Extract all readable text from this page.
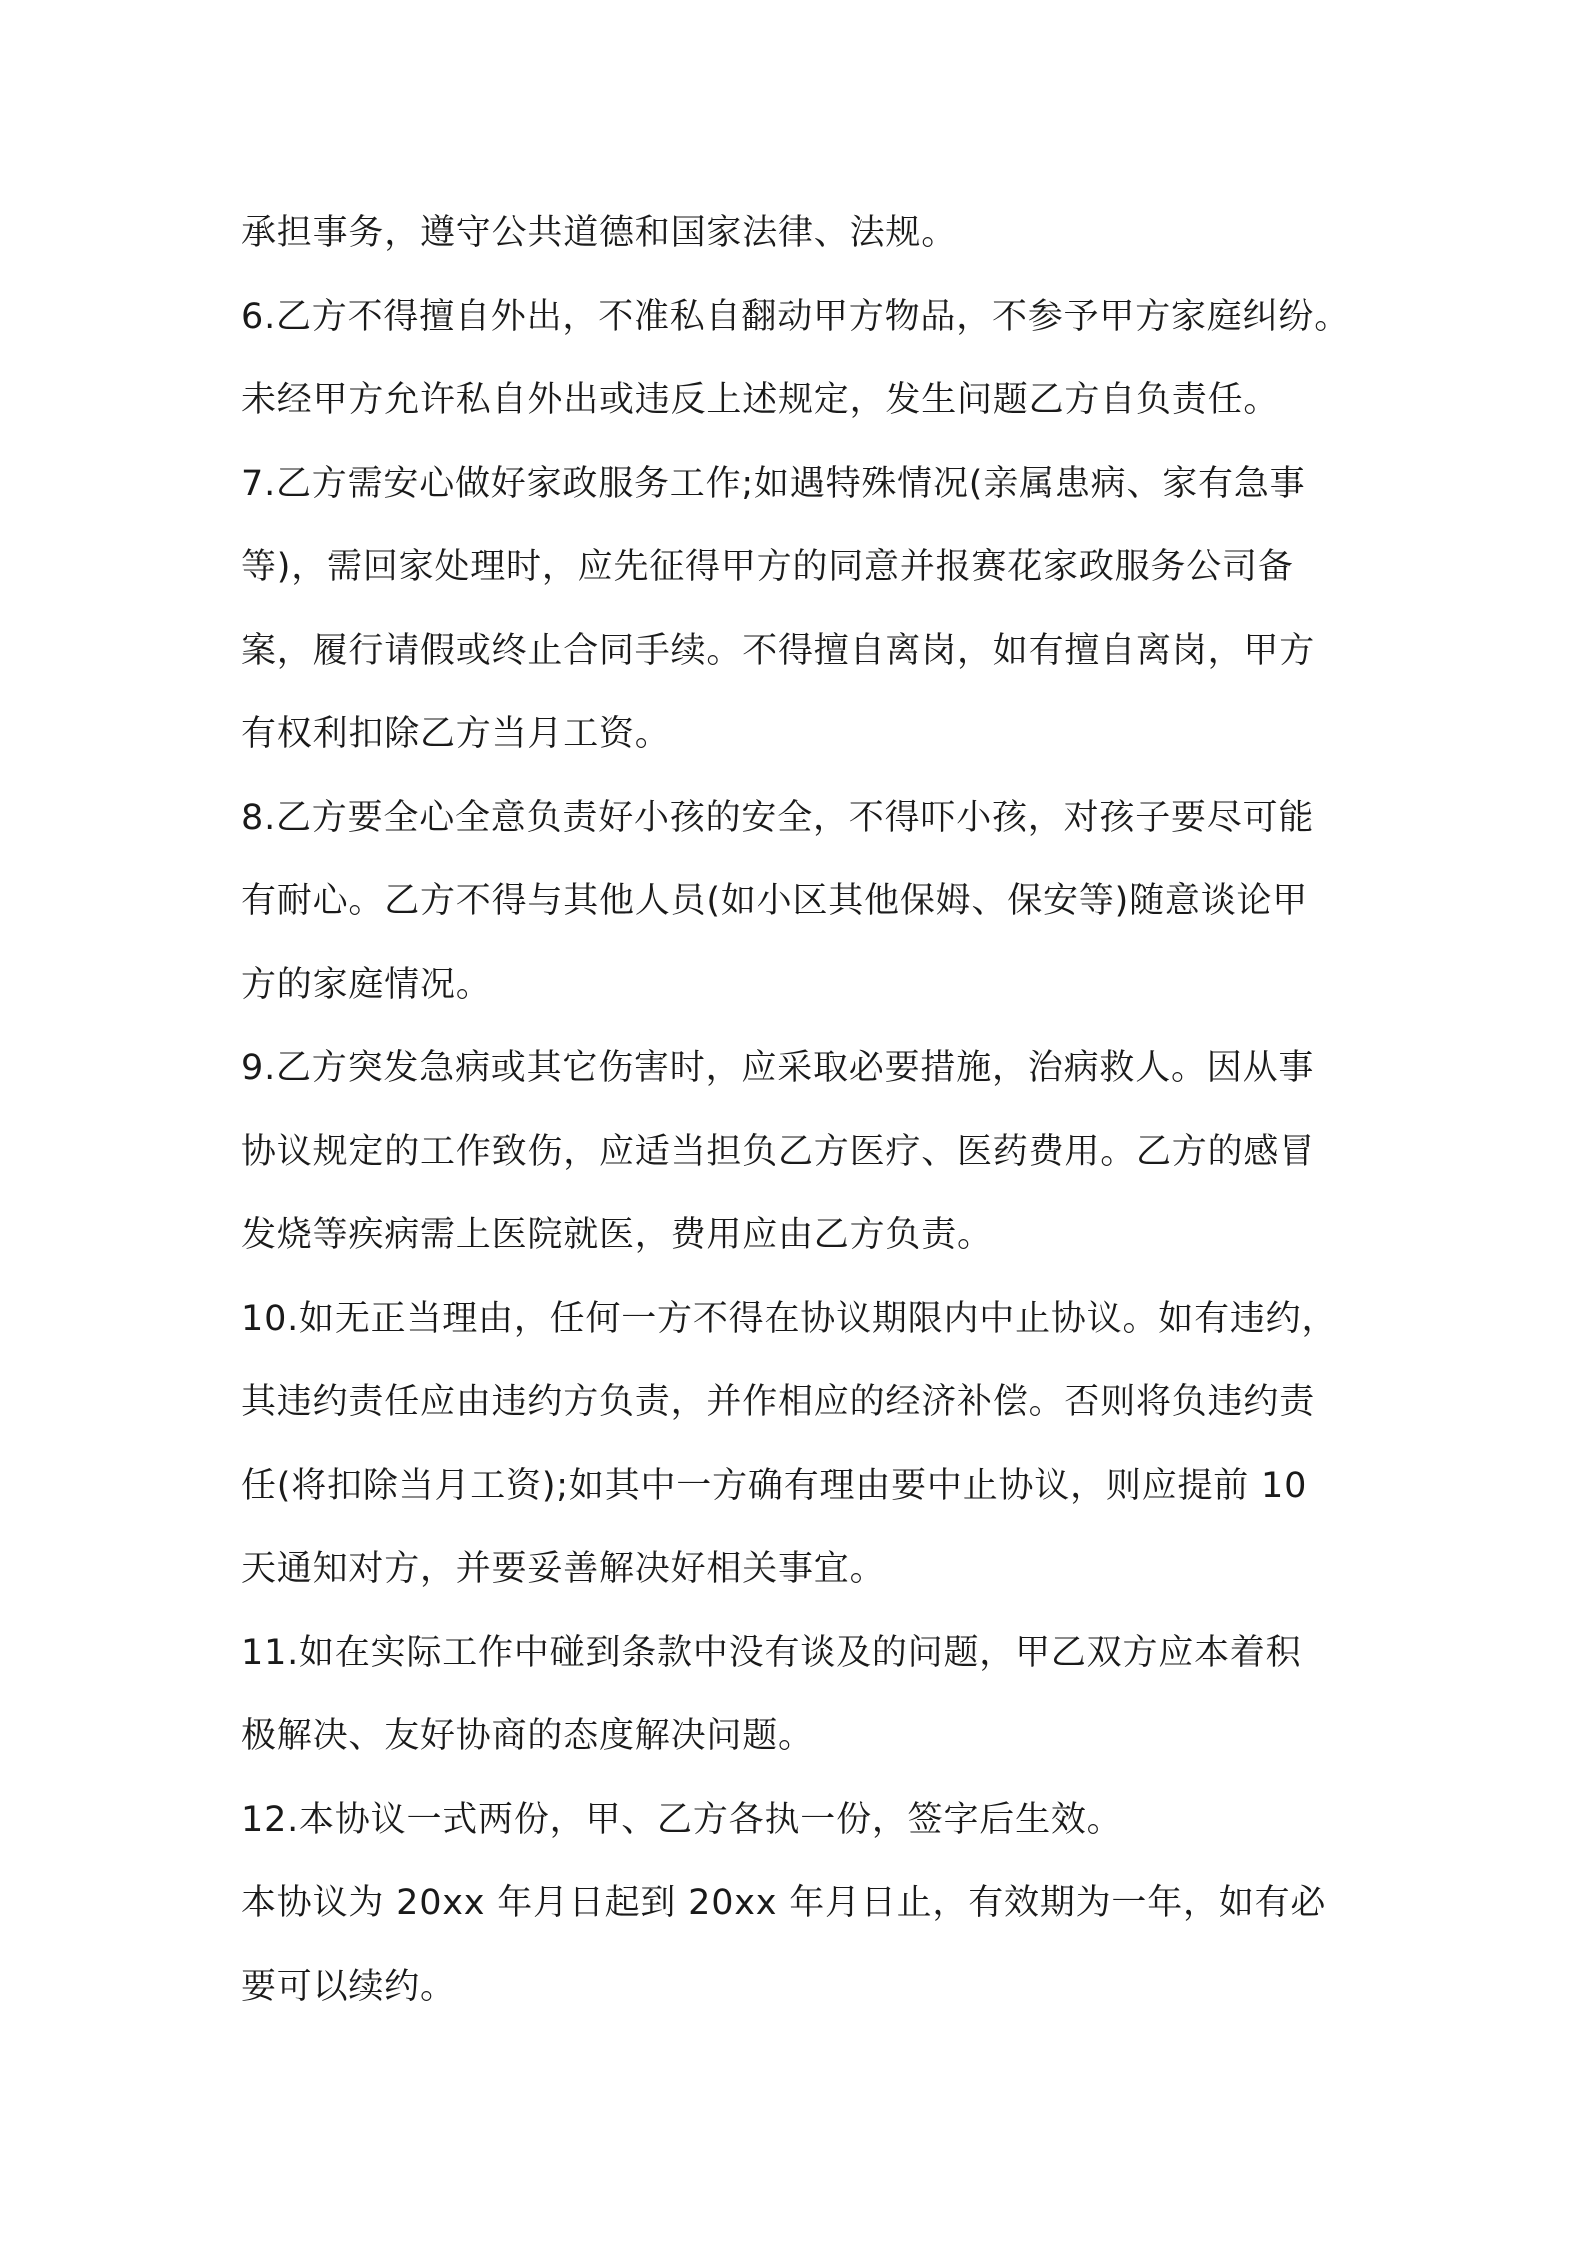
承担事务，遵守公共道德和国家法律、法规。
6.乙方不得擅自外出，不准私自翻动甲方物品，不参予甲方家庭纠纷。
未经甲方允许私自外出或违反上述规定，发生问题乙方自负责任。
7.乙方需安心做好家政服务工作;如遇特殊情况(亲属患病、家有急事
等)，需回家处理时，应先征得甲方的同意并报赛花家政服务公司备
案，履行请假或终止合同手续。不得擅自离岗，如有擅自离岗，甲方
有权利扣除乙方当月工资。
8.乙方要全心全意负责好小孩的安全，不得吓小孩，对孩子要尽可能
有耐心。乙方不得与其他人员(如小区其他保姆、保安等)随意谈论甲
方的家庭情况。
9.乙方突发急病或其它伤害时，应采取必要措施，治病救人。因从事
协议规定的工作致伤，应适当担负乙方医疗、医药费用。乙方的感冒
发烧等疾病需上医院就医，费用应由乙方负责。
10.如无正当理由，任何一方不得在协议期限内中止协议。如有违约，
其违约责任应由违约方负责，并作相应的经济补偿。否则将负违约责
任(将扣除当月工资);如其中一方确有理由要中止协议，则应提前 10
天通知对方，并要妥善解决好相关事宜。
11.如在实际工作中碰到条款中没有谈及的问题，甲乙双方应本着积
极解决、友好协商的态度解决问题。
12.本协议一式两份，甲、乙方各执一份，签字后生效。
本协议为 20xx 年月日起到 20xx 年月日止，有效期为一年，如有必
要可以续约。
